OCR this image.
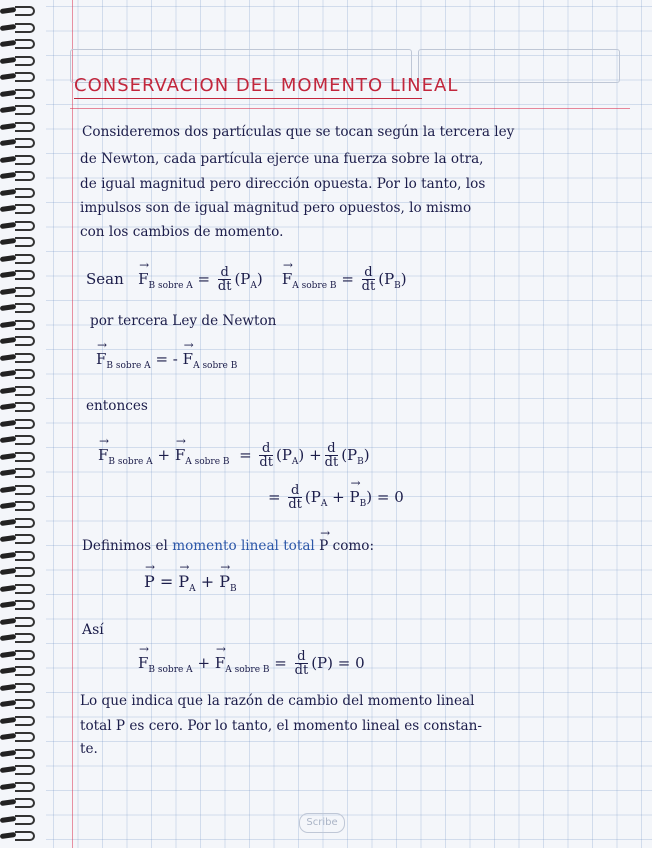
CONSERVACION DEL MOMENTO LINEAL
Consideremos dos partículas que se tocan según la tercera ley
de Newton, cada partícula ejerce una fuerza sobre la otra,
de igual magnitud pero dirección opuesta. Por lo tanto, los
impulsos son de igual magnitud pero opuestos, lo mismo
con los cambios de momento.
Sean   → $F_{B sobre A} = \frac{d}{dt} (P_A)$    → $F_{A sobre B} = \frac{d}{dt} (P_B)$
por tercera Ley de Newton
→ $F_{B sobre A}$ = - → $F_{A sobre B}$
entonces
→ $F_{B sobre A}$ + → $F_{A sobre B} = \frac{d}{dt} (P_A) + \frac{d}{dt} (P_B)$
= $\frac{d}{dt} (P_A$ + → $P_B) = 0$
Definimos el momento lineal total → P como:
→ P = → $P_A$ + → $P_B$
Así
→ $F_{B sobre A}$ + → $F_{A sobre B} = \frac{d}{dt} (P) = 0$
Lo que indica que la razón de cambio del momento lineal
total P es cero. Por lo tanto, el momento lineal es constan-
te.
Scribe
